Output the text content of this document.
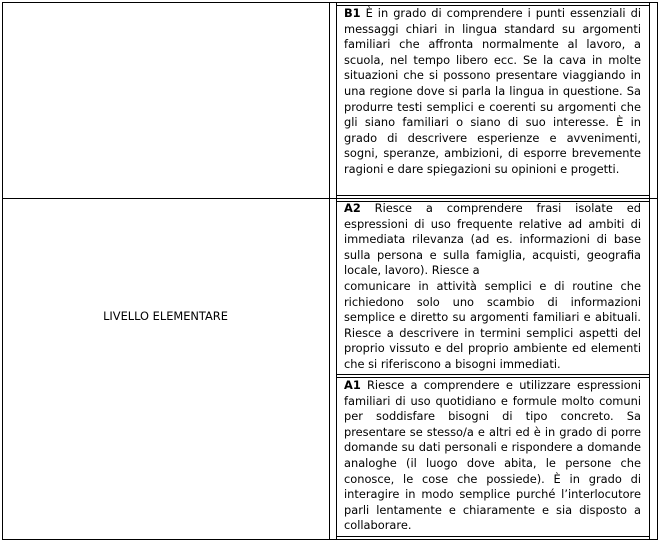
LIVELLO ELEMENTARE

B1 È in grado di comprendere i punti essenziali di messaggi chiari in lingua standard su argomenti familiari che affronta normalmente al lavoro, a scuola, nel tempo libero ecc. Se la cava in molte situazioni che si possono presentare viaggiando in una regione dove si parla la lingua in questione. Sa produrre testi semplici e coerenti su argomenti che gli siano familiari o siano di suo interesse. È in grado di descrivere esperienze e avvenimenti, sogni, speranze, ambizioni, di esporre brevemente ragioni e dare spiegazioni su opinioni e progetti.

A2 Riesce a comprendere frasi isolate ed espressioni di uso frequente relative ad ambiti di immediata rilevanza (ad es. informazioni di base sulla persona e sulla famiglia, acquisti, geografia locale, lavoro). Riesce a
comunicare in attività semplici e di routine che richiedono solo uno scambio di informazioni semplice e diretto su argomenti familiari e abituali. Riesce a descrivere in termini semplici aspetti del proprio vissuto e del proprio ambiente ed elementi che si riferiscono a bisogni immediati.

A1 Riesce a comprendere e utilizzare espressioni familiari di uso quotidiano e formule molto comuni per soddisfare bisogni di tipo concreto. Sa presentare se stesso/a e altri ed è in grado di porre domande su dati personali e rispondere a domande analoghe (il luogo dove abita, le persone che conosce, le cose che possiede). È in grado di interagire in modo semplice purché l’interlocutore parli lentamente e chiaramente e sia disposto a collaborare.
